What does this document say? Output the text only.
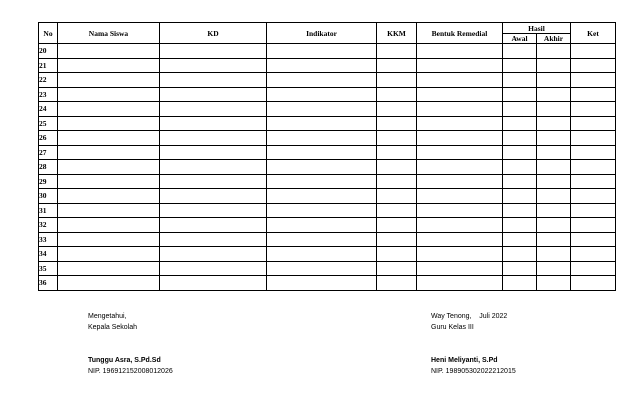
No	Nama Siswa	KD	Indikator	KKM	Bentuk Remedial	Hasil		Ket
						Awal	Akhir	
20								
21								
22								
23								
24								
25								
26								
27								
28								
29								
30								
31								
32								
33								
34								
35								
36								
Mengetahui,
Kepala Sekolah
Tunggu Asra, S.Pd.Sd
NIP. 196912152008012026
Way Tenong,    Juli 2022
Guru Kelas III
Heni Meliyanti, S.Pd
NIP. 198905302022212015
